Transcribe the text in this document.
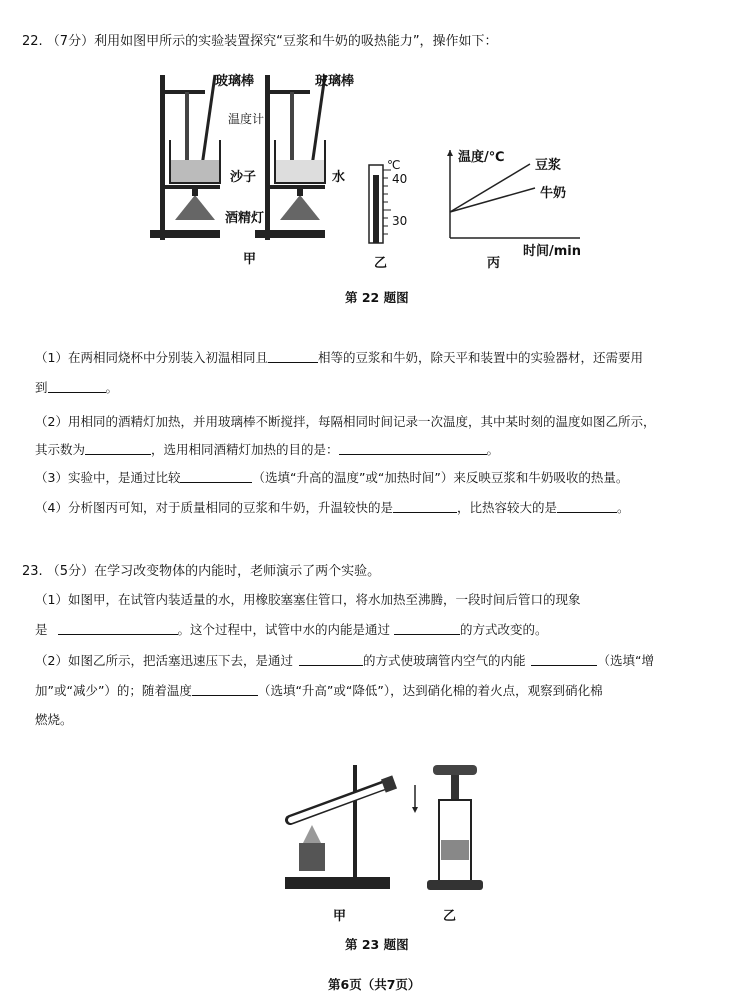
22. （7分）利用如图甲所示的实验装置探究“豆浆和牛奶的吸热能力”，操作如下：
玻璃棒	玻璃棒
温度计
沙子	水
酒精灯
甲
℃
40
30
乙
温度/℃
豆浆
牛奶
时间/min
丙
第 22 题图
（1）在两相同烧杯中分别装入初温相同且	相等的豆浆和牛奶，除天平和装置中的实验器材，还需要用
到	。
（2）用相同的酒精灯加热，并用玻璃棒不断搅拌，每隔相同时间记录一次温度，其中某时刻的温度如图乙所示，
其示数为	，选用相同酒精灯加热的目的是：	。
（3）实验中，是通过比较	（选填“升高的温度”或“加热时间”）来反映豆浆和牛奶吸收的热量。
（4）分析图丙可知，对于质量相同的豆浆和牛奶，升温较快的是	，比热容较大的是	。
23. （5分）在学习改变物体的内能时，老师演示了两个实验。
（1）如图甲，在试管内装适量的水，用橡胶塞塞住管口，将水加热至沸腾，一段时间后管口的现象
是	。这个过程中，试管中水的内能是通过	的方式改变的。
（2）如图乙所示，把活塞迅速压下去，是通过	的方式使玻璃管内空气的内能	（选填“增
加”或“减少”）的；随着温度	（选填“升高”或“降低”），达到硝化棉的着火点，观察到硝化棉
燃烧。
甲	乙
第 23 题图
第6页（共7页）
